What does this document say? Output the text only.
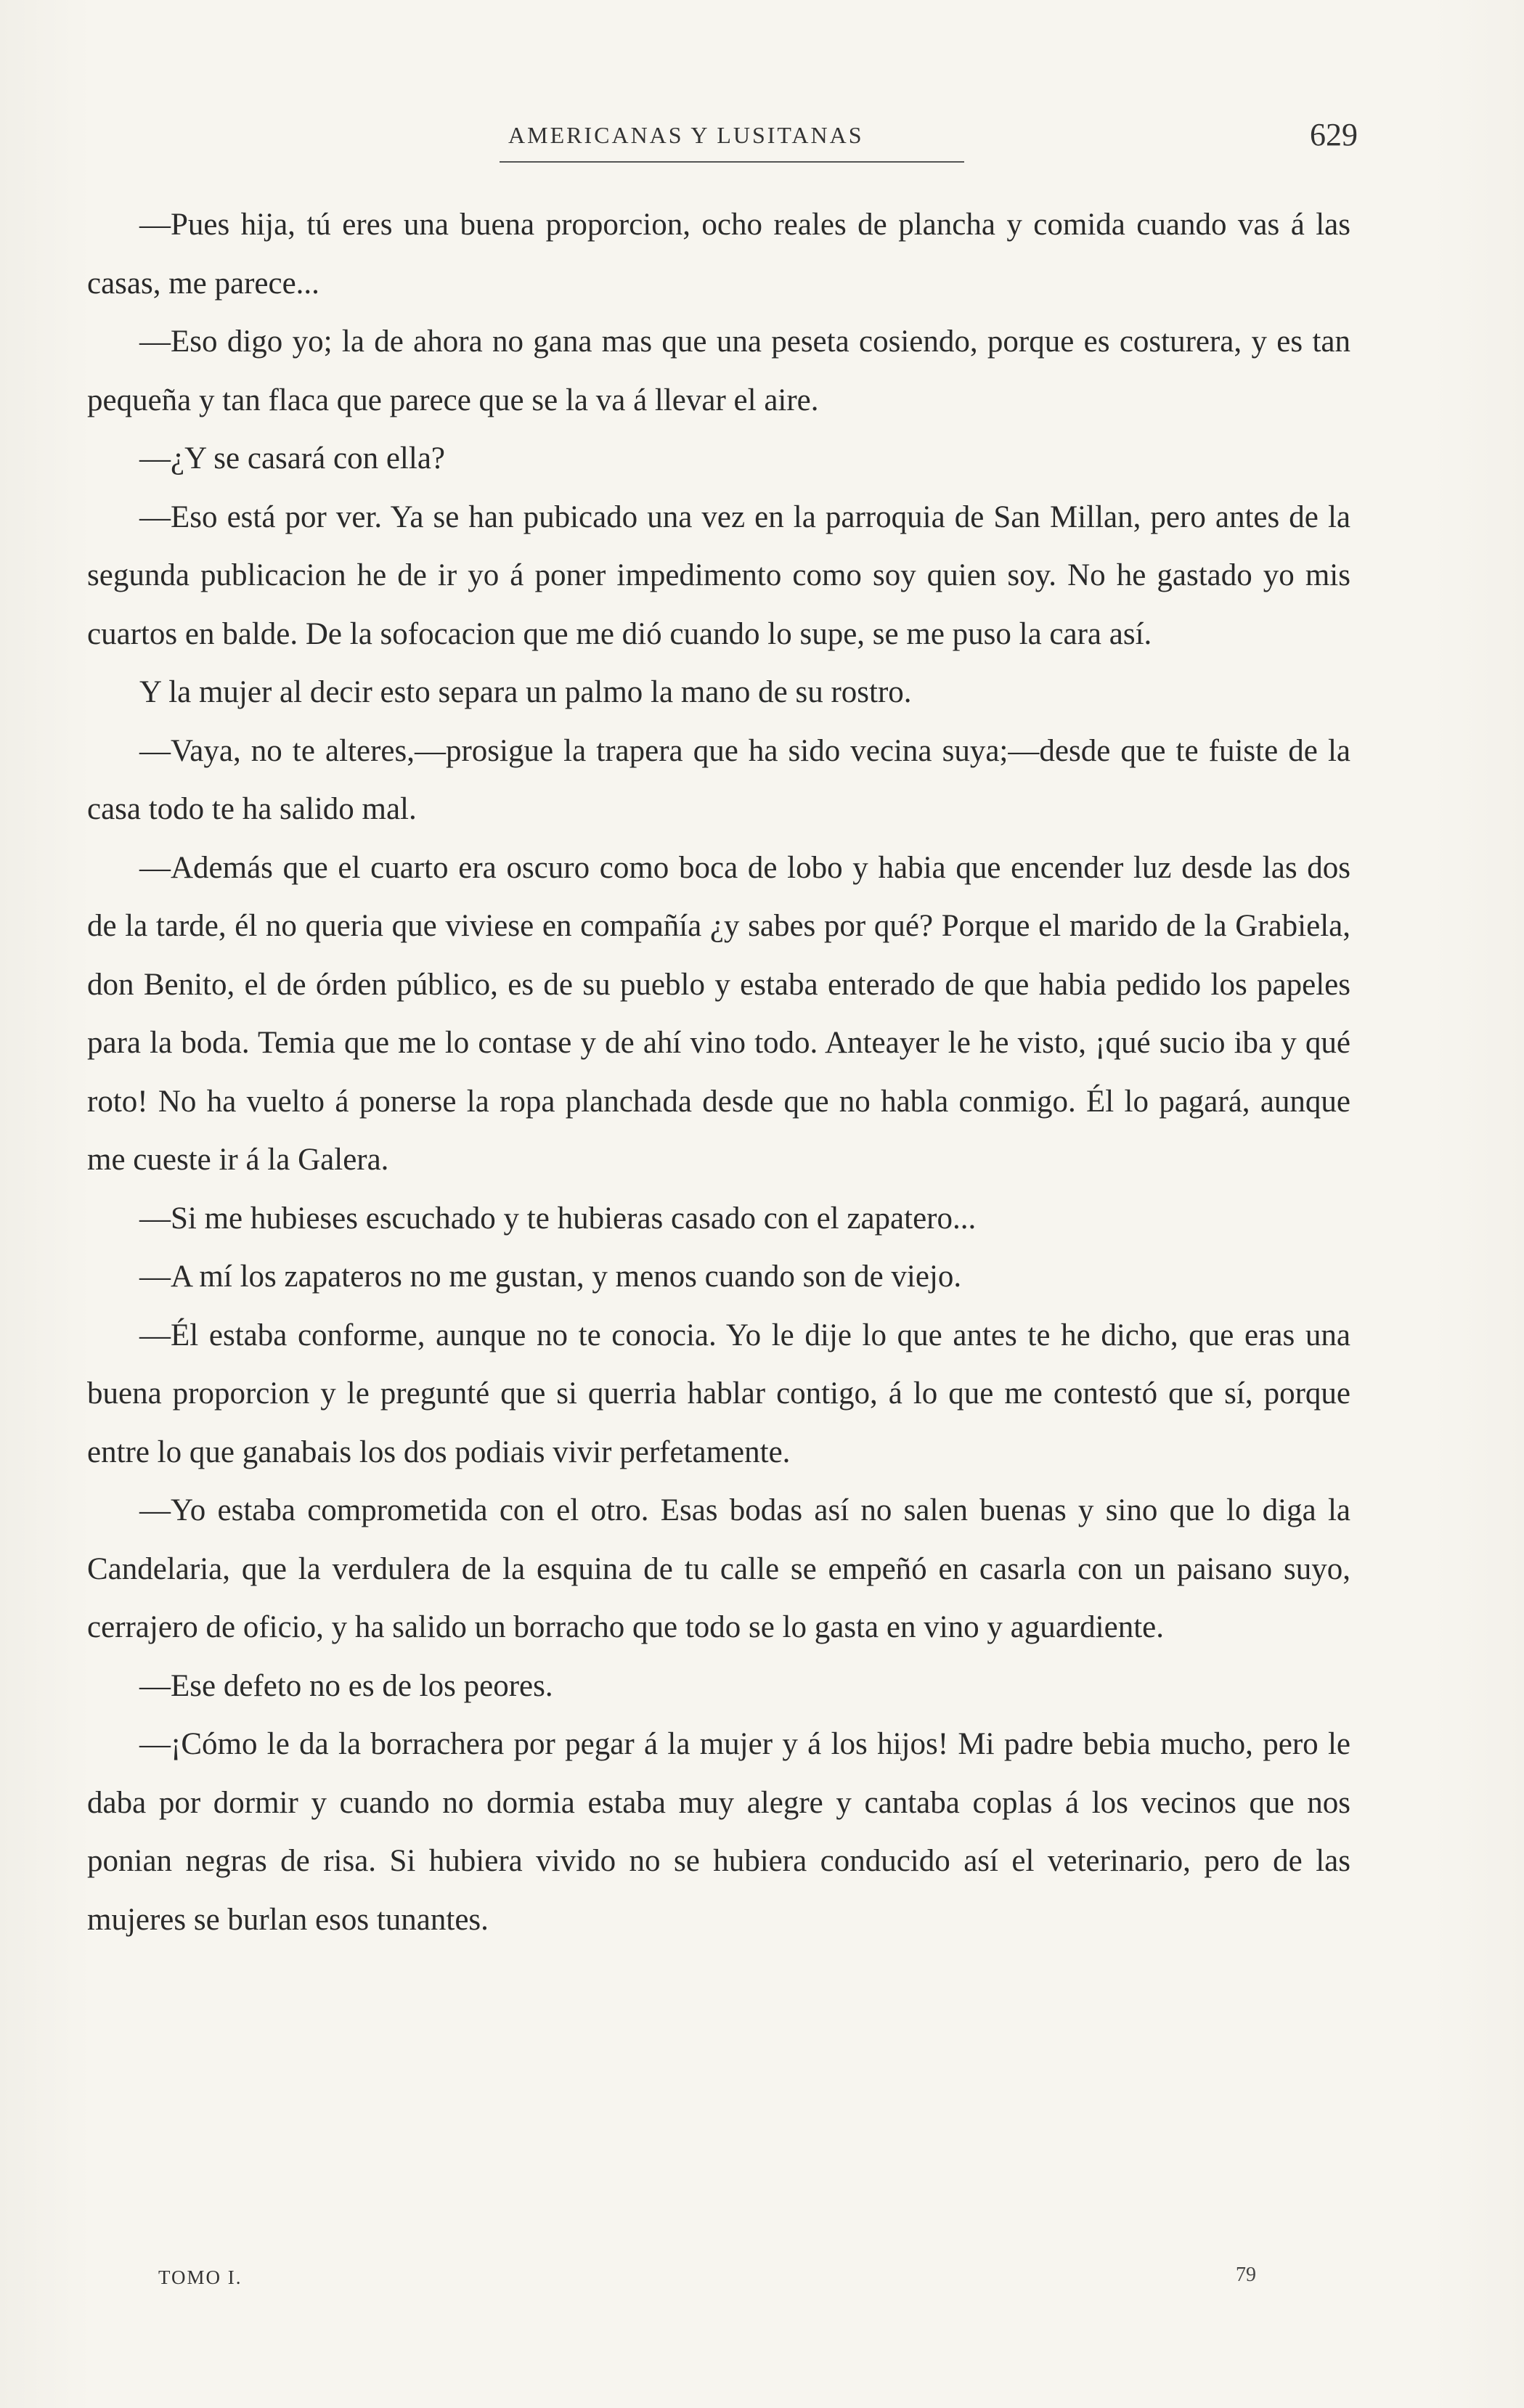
AMERICANAS Y LUSITANAS	629

—Pues hija, tú eres una buena proporcion, ocho reales de plancha y comida cuando vas á las casas, me parece...

—Eso digo yo; la de ahora no gana mas que una peseta cosiendo, porque es costurera, y es tan pequeña y tan flaca que parece que se la va á llevar el aire.

—¿Y se casará con ella?

—Eso está por ver. Ya se han pubicado una vez en la parroquia de San Millan, pero antes de la segunda publicacion he de ir yo á poner impedimento como soy quien soy. No he gastado yo mis cuartos en balde. De la sofocacion que me dió cuando lo supe, se me puso la cara así.

Y la mujer al decir esto separa un palmo la mano de su rostro.

—Vaya, no te alteres,—prosigue la trapera que ha sido vecina suya;—desde que te fuiste de la casa todo te ha salido mal.

—Además que el cuarto era oscuro como boca de lobo y habia que encender luz desde las dos de la tarde, él no queria que viviese en compañía ¿y sabes por qué? Porque el marido de la Grabiela, don Benito, el de órden público, es de su pueblo y estaba enterado de que habia pedido los papeles para la boda. Temia que me lo contase y de ahí vino todo. Anteayer le he visto, ¡qué sucio iba y qué roto! No ha vuelto á ponerse la ropa planchada desde que no habla conmigo. Él lo pagará, aunque me cueste ir á la Galera.

—Si me hubieses escuchado y te hubieras casado con el zapatero...

—A mí los zapateros no me gustan, y menos cuando son de viejo.

—Él estaba conforme, aunque no te conocia. Yo le dije lo que antes te he dicho, que eras una buena proporcion y le pregunté que si querria hablar contigo, á lo que me contestó que sí, porque entre lo que ganabais los dos podiais vivir perfetamente.

—Yo estaba comprometida con el otro. Esas bodas así no salen buenas y sino que lo diga la Candelaria, que la verdulera de la esquina de tu calle se empeñó en casarla con un paisano suyo, cerrajero de oficio, y ha salido un borracho que todo se lo gasta en vino y aguardiente.

—Ese defeto no es de los peores.

—¡Cómo le da la borrachera por pegar á la mujer y á los hijos! Mi padre bebia mucho, pero le daba por dormir y cuando no dormia estaba muy alegre y cantaba coplas á los vecinos que nos ponian negras de risa. Si hubiera vivido no se hubiera conducido así el veterinario, pero de las mujeres se burlan esos tunantes.

TOMO I.	79
